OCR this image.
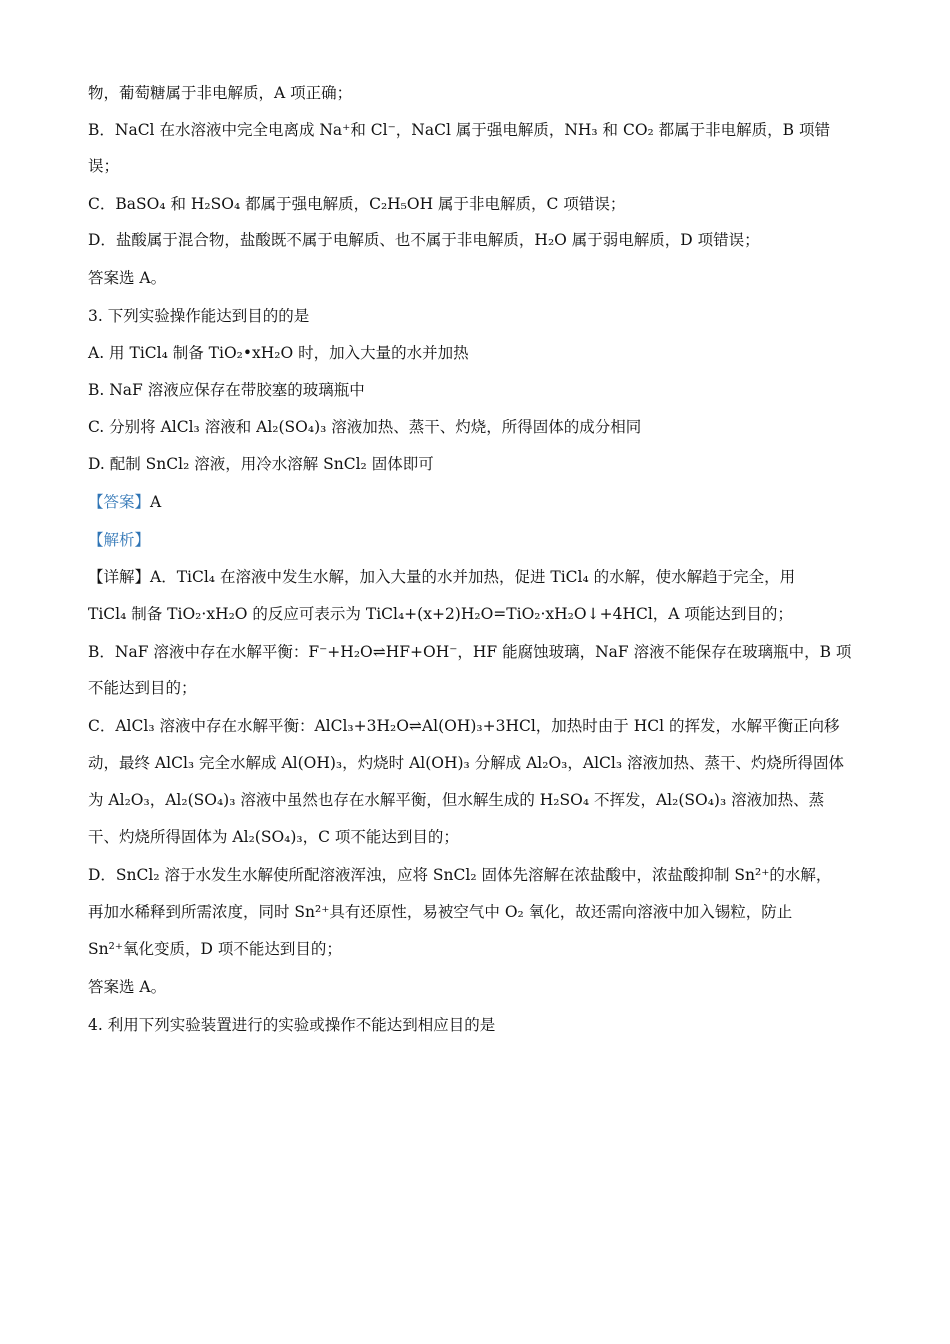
物，葡萄糖属于非电解质，A 项正确；
B．NaCl 在水溶液中完全电离成 Na⁺和 Cl⁻，NaCl 属于强电解质，NH₃ 和 CO₂ 都属于非电解质，B 项错
误；
C．BaSO₄ 和 H₂SO₄ 都属于强电解质，C₂H₅OH 属于非电解质，C 项错误；
D．盐酸属于混合物，盐酸既不属于电解质、也不属于非电解质，H₂O 属于弱电解质，D 项错误；
答案选 A。
3. 下列实验操作能达到目的的是
A. 用 TiCl₄ 制备 TiO₂•xH₂O 时，加入大量的水并加热
B. NaF 溶液应保存在带胶塞的玻璃瓶中
C. 分别将 AlCl₃ 溶液和 Al₂(SO₄)₃ 溶液加热、蒸干、灼烧，所得固体的成分相同
D. 配制 SnCl₂ 溶液，用冷水溶解 SnCl₂ 固体即可
【答案】A
【解析】
【详解】A．TiCl₄ 在溶液中发生水解，加入大量的水并加热，促进 TiCl₄ 的水解，使水解趋于完全，用
TiCl₄ 制备 TiO₂·xH₂O 的反应可表示为 TiCl₄+(x+2)H₂O=TiO₂·xH₂O↓+4HCl，A 项能达到目的；
B．NaF 溶液中存在水解平衡：F⁻+H₂O⇌HF+OH⁻，HF 能腐蚀玻璃，NaF 溶液不能保存在玻璃瓶中，B 项
不能达到目的；
C．AlCl₃ 溶液中存在水解平衡：AlCl₃+3H₂O⇌Al(OH)₃+3HCl，加热时由于 HCl 的挥发，水解平衡正向移
动，最终 AlCl₃ 完全水解成 Al(OH)₃，灼烧时 Al(OH)₃ 分解成 Al₂O₃，AlCl₃ 溶液加热、蒸干、灼烧所得固体
为 Al₂O₃，Al₂(SO₄)₃ 溶液中虽然也存在水解平衡，但水解生成的 H₂SO₄ 不挥发，Al₂(SO₄)₃ 溶液加热、蒸
干、灼烧所得固体为 Al₂(SO₄)₃，C 项不能达到目的；
D．SnCl₂ 溶于水发生水解使所配溶液浑浊，应将 SnCl₂ 固体先溶解在浓盐酸中，浓盐酸抑制 Sn²⁺的水解，
再加水稀释到所需浓度，同时 Sn²⁺具有还原性，易被空气中 O₂ 氧化，故还需向溶液中加入锡粒，防止
Sn²⁺氧化变质，D 项不能达到目的；
答案选 A。
4. 利用下列实验装置进行的实验或操作不能达到相应目的是
